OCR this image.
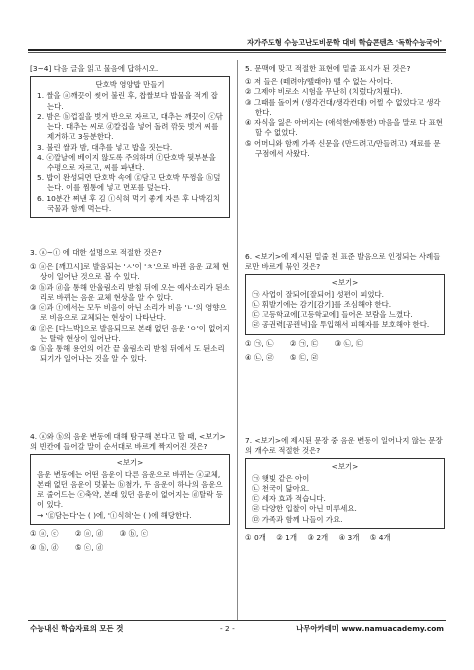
자가주도형 수능고난도비문학 대비 학습콘텐츠 '독학수능국어'

[3~4] 다음 글을 읽고 물음에 답하시오.

단호박 영양밥 만들기

1. 쌀을 ⓐ깨끗이 씻어 불린 후, 찹쌀보다 밥물을 적게 잡는다.

2. 밤은 ⓑ껍질을 벗겨 반으로 자르고, 대추는 깨끗이 ⓒ닦는다. 대추는 씨로 ⓓ칼집을 넣어 돌려 깎듯 벗겨 씨를 제거하고 3등분한다.

3. 불린 쌀과 밤, 대추를 넣고 밥을 짓는다.

4. ⓔ깔날에 베이지 않도록 주의하며 ⓕ단호박 뒷부분을 수평으로 자르고, 씨를 파낸다.

5. 밥이 완성되면 단호박 속에 ⓖ담고 단호박 뚜껑을 ⓗ덮는다. 이를 찜통에 넣고 면포를 덮는다.

6. 10분간 쪄낸 후 김 ⓘ식혀 먹기 좋게 자른 후 나박김치 국물과 함께 먹는다.

3. ⓐ~ⓘ 에 대한 설명으로 적절한 것은?

① ⓐ은 [깨끄시]로 발음되는 'ㅅ'이 'ㅊ'으로 바뀐 음운 교체 현상이 일어난 것으로 볼 수 있다.

② ⓑ과 ⓓ을 통해 안울림소리 받침 뒤에 오는 예사소리가 된소리로 바뀌는 음운 교체 현상을 알 수 있다.

③ ⓔ과 ⓕ에서는 모두 비음이 아닌 소리가 비음 'ㄴ'의 영향으로 비음으로 교체되는 현상이 나타난다.

④ ⓖ은 [다느박]으로 발음되므로 본래 없던 음운 'ㅇ'이 없어지는 탈락 현상이 일어난다.

⑤ ⓗ을 통해 용언의 어간 끝 울림소리 받침 뒤에서 도 된소리되기가 일어나는 것을 알 수 있다.

4. ⓐ와 ⓑ의 음운 변동에 대해 탐구해 본다고 할 때, <보기>의 빈칸에 들어갈 말이 순서대로 바르게 짝지어진 것은?

<보기>

음운 변동에는 어떤 음운이 다른 음운으로 바뀌는 ⓐ교체, 본래 없던 음운이 덧붙는 ⓑ첨가, 두 음운이 하나의 음운으로 줄어드는 ⓒ축약, 본래 있던 음운이 없어지는 ⓓ탈락 등이 있다.

→ 'ⓖ담는다'는 ( )에, 'ⓘ식혀'는 ( )에 해당한다.

① ⓐ, ⓒ ② ⓐ, ⓓ ③ ⓑ, ⓒ
④ ⓑ, ⓓ ⑤ ⓒ, ⓓ

5. 문맥에 맞고 적절한 표현에 밑줄 표시가 된 것은?

① 저 들은 (떼려야/뗄래야) 뗄 수 없는 사이다.

② 그제야 비로소 시험을 무난히 (치렀다/치뤘다).

③ 그때를 돌이켜 (생각건대/생각컨대) 어쩔 수 없었다고 생각한다.

④ 자식을 잃은 아버지는 (애석한/애통한) 마음을 말로 다 표현할 수 없었다.

⑤ 어머니와 함께 가족 신문을 (만드려고/만들려고) 재료를 문구점에서 사왔다.

6. <보기>에 제시된 밑줄 친 표준 발음으로 인정되는 사례들로만 바르게 묶인 것은?

<보기>

㉠ 사업이 잘되어[잘되어] 성편이 피었다.

㉡ 휘발기에는 감기[감기]를 조심해야 한다.

㉢ 고등학교에[고등학교에] 들어온 보람을 느꼈다.

㉣ 공권력[공꿘녁]을 투입해서 피해자를 보호해야 한다.

① ㉠, ㉡ ② ㉠, ㉢ ③ ㉡, ㉢
④ ㉡, ㉣ ⑤ ㉢, ㉣

7. <보기>에 제시된 문장 중 음운 변동이 일어나지 않는 문장의 개수로 적절한 것은?

<보기>

㉠ 햇빛 같은 아이

㉡ 천국이 닮아요.

㉢ 세자 효과 적습니다.

㉣ 다양한 입찰이 아닌 미루세요.

㉤ 가족과 함께 나들이 가요.

① 0개 ② 1개 ③ 2개 ④ 3개 ⑤ 4개
수능내신 학습자료의 모든 것	- 2 -	나무아카데미 www.namuacademy.com
